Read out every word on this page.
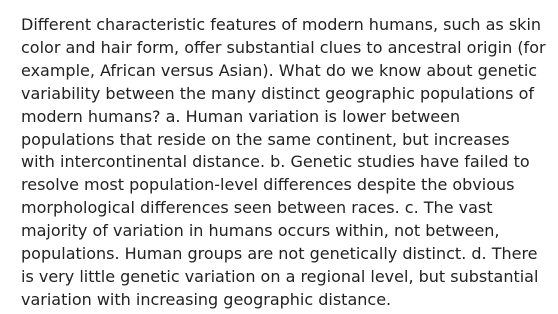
Different characteristic features of modern humans, such as skin
color and hair form, offer substantial clues to ancestral origin (for
example, African versus Asian). What do we know about genetic
variability between the many distinct geographic populations of
modern humans? a. Human variation is lower between
populations that reside on the same continent, but increases
with intercontinental distance. b. Genetic studies have failed to
resolve most population-level differences despite the obvious
morphological differences seen between races. c. The vast
majority of variation in humans occurs within, not between,
populations. Human groups are not genetically distinct. d. There
is very little genetic variation on a regional level, but substantial
variation with increasing geographic distance.
